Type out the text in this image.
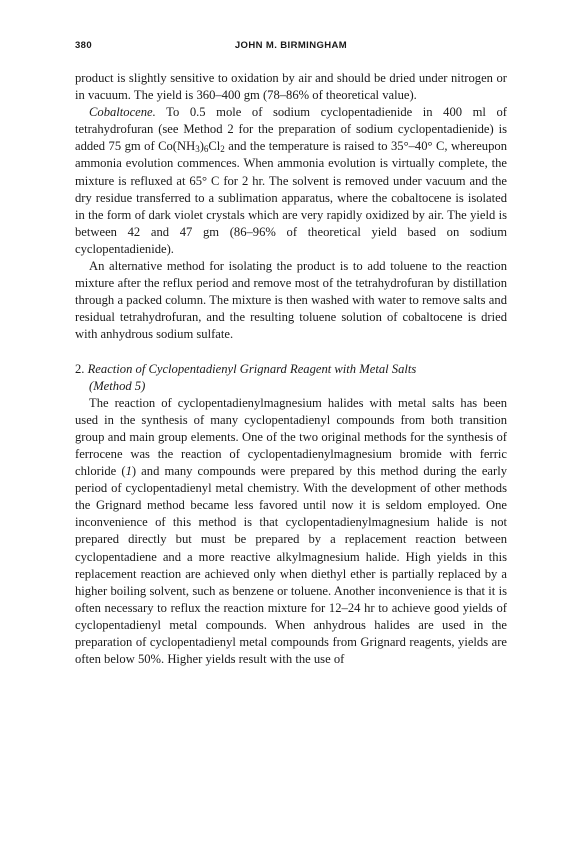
380	JOHN M. BIRMINGHAM

product is slightly sensitive to oxidation by air and should be dried under nitrogen or in vacuum. The yield is 360–400 gm (78–86% of theoretical value).

Cobaltocene. To 0.5 mole of sodium cyclopentadienide in 400 ml of tetrahydrofuran (see Method 2 for the preparation of sodium cyclopentadienide) is added 75 gm of $Co(NH_3)_6Cl_2$ and the temperature is raised to 35°–40° C, whereupon ammonia evolution commences. When ammonia evolution is virtually complete, the mixture is refluxed at 65° C for 2 hr. The solvent is removed under vacuum and the dry residue transferred to a sublimation apparatus, where the cobaltocene is isolated in the form of dark violet crystals which are very rapidly oxidized by air. The yield is between 42 and 47 gm (86–96% of theoretical yield based on sodium cyclopentadienide).

An alternative method for isolating the product is to add toluene to the reaction mixture after the reflux period and remove most of the tetrahydrofuran by distillation through a packed column. The mixture is then washed with water to remove salts and residual tetrahydrofuran, and the resulting toluene solution of cobaltocene is dried with anhydrous sodium sulfate.

2. Reaction of Cyclopentadienyl Grignard Reagent with Metal Salts
(Method 5)

The reaction of cyclopentadienylmagnesium halides with metal salts has been used in the synthesis of many cyclopentadienyl compounds from both transition group and main group elements. One of the two original methods for the synthesis of ferrocene was the reaction of cyclopentadienylmagnesium bromide with ferric chloride (1) and many compounds were prepared by this method during the early period of cyclopentadienyl metal chemistry. With the development of other methods the Grignard method became less favored until now it is seldom employed. One inconvenience of this method is that cyclopentadienylmagnesium halide is not prepared directly but must be prepared by a replacement reaction between cyclopentadiene and a more reactive alkylmagnesium halide. High yields in this replacement reaction are achieved only when diethyl ether is partially replaced by a higher boiling solvent, such as benzene or toluene. Another inconvenience is that it is often necessary to reflux the reaction mixture for 12–24 hr to achieve good yields of cyclopentadienyl metal compounds. When anhydrous halides are used in the preparation of cyclopentadienyl metal compounds from Grignard reagents, yields are often below 50%. Higher yields result with the use of
